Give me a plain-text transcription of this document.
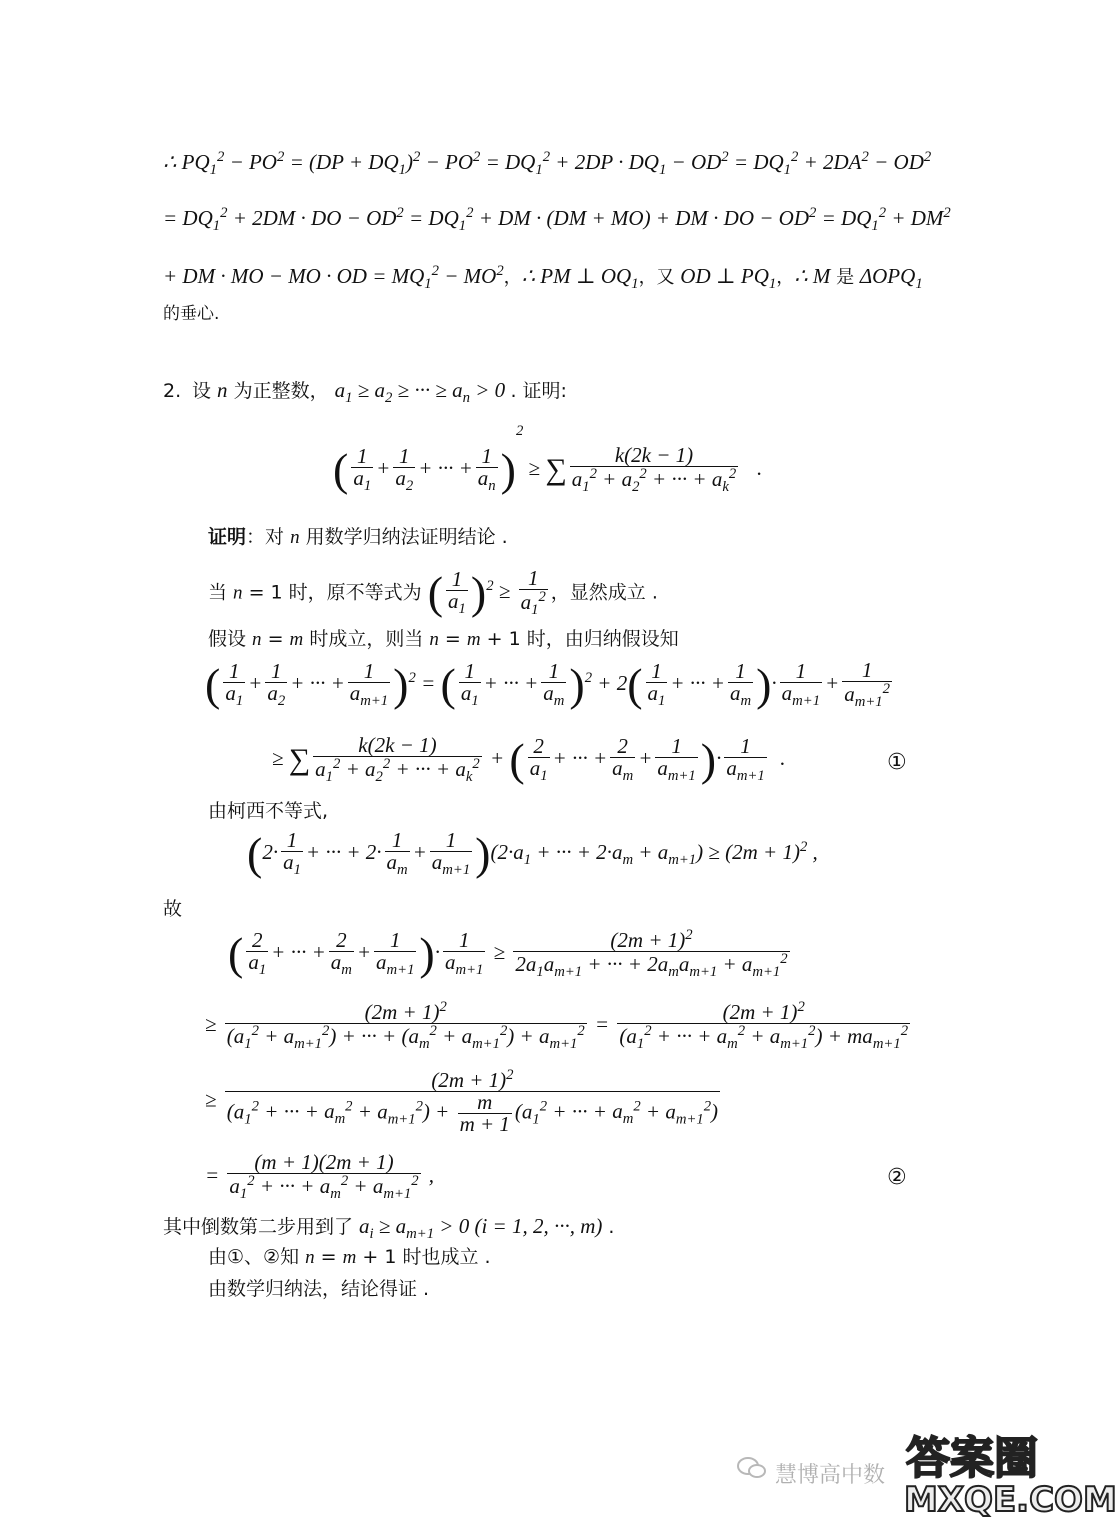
∴ $PQ_1^2 - PO^2 = (DP + DQ_1)^2 - PO^2 = DQ_1^2 + 2DP \cdot DQ_1 - OD^2 = DQ_1^2 + 2DA^2 - OD^2$
= $DQ_1^2 + 2DM$ · DO − $OD^2 = DQ_1^2$ + DM · (DM + MO) + DM · DO − $OD^2 = DQ_1^2 + DM^2$
+ DM · MO − MO · OD = $MQ_1^2 - MO^2$，∴ PM ⊥ $OQ_1$，又 OD ⊥ $PQ_1$，∴ M 是 $\Delta OPQ_1$
的垂心.
2. 设 n 为正整数， $a_1 \ge a_2$ ≥ ··· ≥ $a_n > 0$ . 证明:
( $\frac{1}{a_1} + \frac{1}{a_2}$ + ··· + $\frac{1}{a_n} )^2$ ≥ ∑ $\frac{k(2k - 1)}{a_1^2 + a_2^2 + \cdot\cdot\cdot + a_k^2}$ .
证明：对 n 用数学归纳法证明结论 .
当 n = 1 时，原不等式为 ( $\frac{1}{a_1} )^2 \ge \frac{1}{a_1^2}$ ，显然成立 .
假设 n = m 时成立，则当 n = m + 1 时，由归纳假设知
( $\frac{1}{a_1} + \frac{1}{a_2}$ + ··· + $\frac{1}{a_{m+1}} )^2$ = ( $\frac{1}{a_1}$ + ··· + $\frac{1}{a_m} )^2 + 2( \frac{1}{a_1}$ + ··· + $\frac{1}{a_m}$ )· $\frac{1}{a_{m+1}} + \frac{1}{a_{m+1}^2}$
≥ ∑ $\frac{k(2k - 1)}{a_1^2 + a_2^2 + \cdot\cdot\cdot + a_k^2}$ + ( $\frac{2}{a_1}$ + ··· + $\frac{2}{a_m} + \frac{1}{a_{m+1}}$ )· $\frac{1}{a_{m+1}}$ .	①
由柯西不等式,
($2\cdot \frac{1}{a_1}$ + ··· + $2\cdot \frac{1}{a_m} + \frac{1}{a_{m+1}} )(2\cdot a_1$ + ··· + $2\cdot a_m + a_{m+1}) \ge (2m + 1)^2$ ,
故
( $\frac{2}{a_1}$ + ··· + $\frac{2}{a_m} + \frac{1}{a_{m+1}}$ )· $\frac{1}{a_{m+1}} \ge \frac{(2m + 1)^2}{2a_1a_{m+1} + \cdot\cdot\cdot + 2a_ma_{m+1} + a_{m+1}^2}$
≥ $\frac{(2m + 1)^2}{(a_1^2 + a_{m+1}^2) + \cdot\cdot\cdot + (a_m^2 + a_{m+1}^2) + a_{m+1}^2} = \frac{(2m + 1)^2}{(a_1^2 + \cdot\cdot\cdot + a_m^2 + a_{m+1}^2) + ma_{m+1}^2}$
≥ $\frac{(2m + 1)^2}{(a_1^2 + \cdot\cdot\cdot + a_m^2 + a_{m+1}^2) + \frac{m}{m + 1} (a_1^2 + \cdot\cdot\cdot + a_m^2 + a_{m+1}^2)}$
= $\frac{(m + 1)(2m + 1)}{a_1^2 + \cdot\cdot\cdot + a_m^2 + a_{m+1}^2}$ ,	②
其中倒数第二步用到了 $a_i \ge a_{m+1} > 0$ (i = 1, 2, ···, m) .
由①、②知 n = m + 1 时也成立 .
由数学归纳法，结论得证 .
慧博高中数 答案圈
MXQE.COM
